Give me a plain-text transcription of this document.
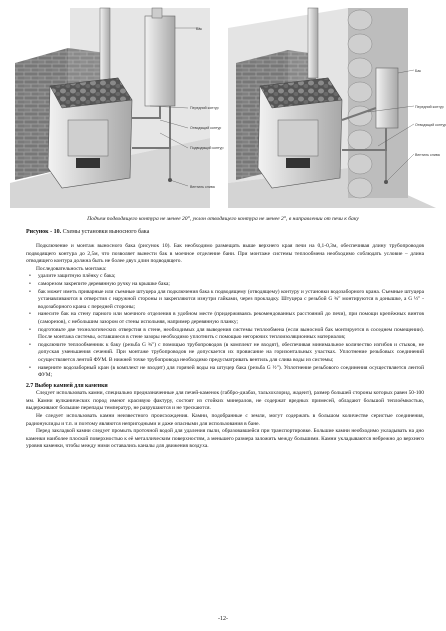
Бак
Передний контур
Отводящий контур
Подводящий контур
Вентиль слива
Бак
Передний контур
Отводящий контур
Вентиль слива
Подъем подводящего контура не менее 20°, уклон отводящего контура не менее 2°, в направлении от печи к баку
Рисунок - 10. Схемы установки выносного бака

Подключение и монтаж выносного бака (рисунок 10). Бак необходимо размещать выше верхнего края печи на 0,1-0,3м, обеспечивая длину трубопроводов подводящего контура до 2,5м, что позволяет вынести бак в моечное отделение бани. При монтаже системы теплообмена необходимо соблюдать условие – длина отводящего контура должна быть не более двух длин подводящего.

Последовательность монтажа:

• удалите защитную плёнку с бака;
• саморезом закрепите деревянную ручку на крышке бака;
• бак может иметь приварные или съемные штуцера для подключения бака к подводящему (отводящему) контуру и установки водозаборного крана. Съемные штуцера устанавливаются в отверстия с наружной стороны и закрепляются изнутри гайками, через прокладку. Штуцера с резьбой G ¾" монтируются в донышке, а G ½" - водозаборного крана с передней стороны;
• нанесите бак на стену парного или моечного отделения в удобном месте (придерживаясь рекомендованных расстояний до печи), при помощи крепёжных винтов (саморезов), с небольшим зазором от стены испольняя, например деревянную планку;
• подготовьте две технологических отверстия в стене, необходимых для выведения системы теплообмена (если выносной бак монтируется в соседнем помещении). После монтажа системы, оставшиеся в стене зазоры необходимо уплотнить с помощью негорючих теплоизоляционных материалов;
• подключите теплообменник к баку (резьба G ¾") с помощью трубопроводов (в комплект не входят), обеспечивая минимальное количество изгибов и стыков, не допуская уменьшения сечений. При монтаже трубопроводов не допускается их провисание на горизонтальных участках. Уплотнение резьбовых соединений осуществляется лентой ФУМ. В нижней точке трубопровода необходимо предусматривать вентиль для слива воды из системы;
• наверните водозаборный кран (в комплект не входит) для горячей воды на штуцер бака (резьба G ½"). Уплотнение резьбового соединения осуществляется лентой ФУМ;
2.7 Выбор камней для каменки

Следует использовать камни, специально предназначенные для печей-каменок (габбро-диабаз, тальхохлорид, жадеит), размер большей стороны которых равен 50-100 мм. Камни вулканических пород имеют красивую фактуру, состоят из стойких минералов, не содержат вредных примесей, обладают большой теплоёмкостью, выдерживают большие перепады температур, не разрушаются и не трескаются.

Не следует использовать камни неизвестного происхождения. Камни, подобранные с земли, могут содержать в большом количестве серистые соединения, радионуклиды и т.п. и поэтому являются непригодными и даже опасными для использования в бане.

Перед закладкой камни следует промыть проточной водой для удаления пыли, образовавшейся при транспортировке. Большие камни необходимо укладывать на дно каменки наиболее плоской поверхностью к её металлическим поверхностям, а меньшего размера заложить между большими. Камни укладываются небрежно до верхнего уровня каменки, чтобы между ними оставались каналы для движения воздуха.

-12-
